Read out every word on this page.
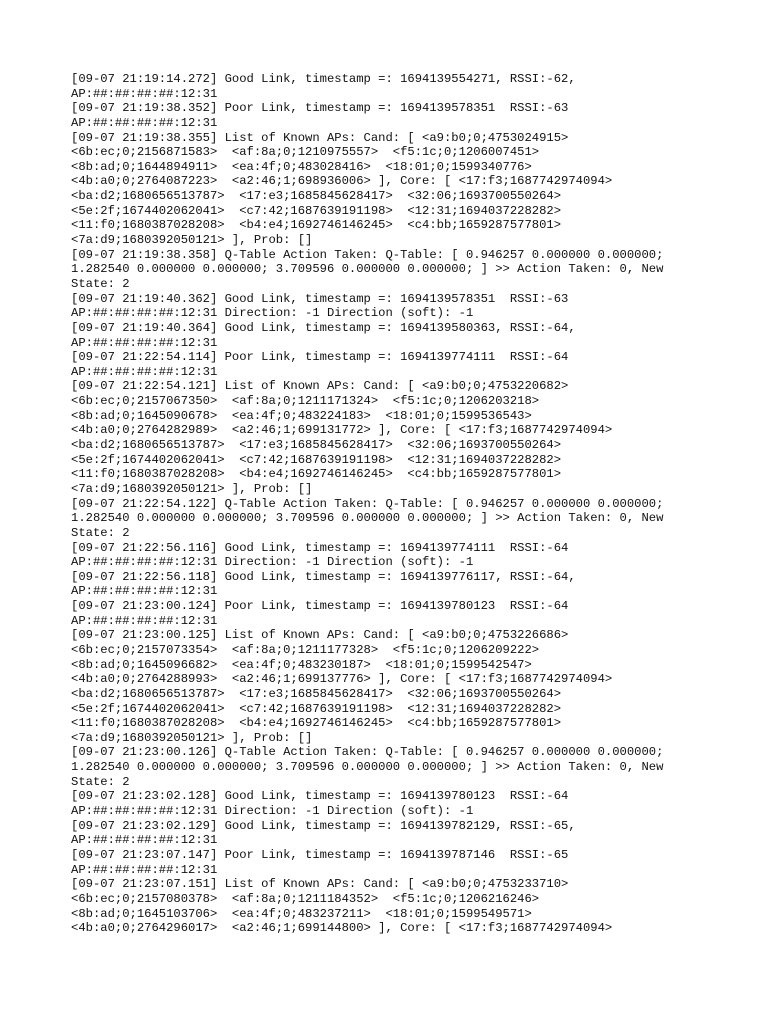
[09-07 21:19:14.272] Good Link, timestamp =: 1694139554271, RSSI:-62,
AP:##:##:##:##:12:31
[09-07 21:19:38.352] Poor Link, timestamp =: 1694139578351  RSSI:-63
AP:##:##:##:##:12:31
[09-07 21:19:38.355] List of Known APs: Cand: [ <a9:b0;0;4753024915>
<6b:ec;0;2156871583>  <af:8a;0;1210975557>  <f5:1c;0;1206007451>
<8b:ad;0;1644894911>  <ea:4f;0;483028416>  <18:01;0;1599340776>
<4b:a0;0;2764087223>  <a2:46;1;698936006> ], Core: [ <17:f3;1687742974094>
<ba:d2;1680656513787>  <17:e3;1685845628417>  <32:06;1693700550264>
<5e:2f;1674402062041>  <c7:42;1687639191198>  <12:31;1694037228282>
<11:f0;1680387028208>  <b4:e4;1692746146245>  <c4:bb;1659287577801>
<7a:d9;1680392050121> ], Prob: []
[09-07 21:19:38.358] Q-Table Action Taken: Q-Table: [ 0.946257 0.000000 0.000000;
1.282540 0.000000 0.000000; 3.709596 0.000000 0.000000; ] >> Action Taken: 0, New
State: 2
[09-07 21:19:40.362] Good Link, timestamp =: 1694139578351  RSSI:-63
AP:##:##:##:##:12:31 Direction: -1 Direction (soft): -1
[09-07 21:19:40.364] Good Link, timestamp =: 1694139580363, RSSI:-64,
AP:##:##:##:##:12:31
[09-07 21:22:54.114] Poor Link, timestamp =: 1694139774111  RSSI:-64
AP:##:##:##:##:12:31
[09-07 21:22:54.121] List of Known APs: Cand: [ <a9:b0;0;4753220682>
<6b:ec;0;2157067350>  <af:8a;0;1211171324>  <f5:1c;0;1206203218>
<8b:ad;0;1645090678>  <ea:4f;0;483224183>  <18:01;0;1599536543>
<4b:a0;0;2764282989>  <a2:46;1;699131772> ], Core: [ <17:f3;1687742974094>
<ba:d2;1680656513787>  <17:e3;1685845628417>  <32:06;1693700550264>
<5e:2f;1674402062041>  <c7:42;1687639191198>  <12:31;1694037228282>
<11:f0;1680387028208>  <b4:e4;1692746146245>  <c4:bb;1659287577801>
<7a:d9;1680392050121> ], Prob: []
[09-07 21:22:54.122] Q-Table Action Taken: Q-Table: [ 0.946257 0.000000 0.000000;
1.282540 0.000000 0.000000; 3.709596 0.000000 0.000000; ] >> Action Taken: 0, New
State: 2
[09-07 21:22:56.116] Good Link, timestamp =: 1694139774111  RSSI:-64
AP:##:##:##:##:12:31 Direction: -1 Direction (soft): -1
[09-07 21:22:56.118] Good Link, timestamp =: 1694139776117, RSSI:-64,
AP:##:##:##:##:12:31
[09-07 21:23:00.124] Poor Link, timestamp =: 1694139780123  RSSI:-64
AP:##:##:##:##:12:31
[09-07 21:23:00.125] List of Known APs: Cand: [ <a9:b0;0;4753226686>
<6b:ec;0;2157073354>  <af:8a;0;1211177328>  <f5:1c;0;1206209222>
<8b:ad;0;1645096682>  <ea:4f;0;483230187>  <18:01;0;1599542547>
<4b:a0;0;2764288993>  <a2:46;1;699137776> ], Core: [ <17:f3;1687742974094>
<ba:d2;1680656513787>  <17:e3;1685845628417>  <32:06;1693700550264>
<5e:2f;1674402062041>  <c7:42;1687639191198>  <12:31;1694037228282>
<11:f0;1680387028208>  <b4:e4;1692746146245>  <c4:bb;1659287577801>
<7a:d9;1680392050121> ], Prob: []
[09-07 21:23:00.126] Q-Table Action Taken: Q-Table: [ 0.946257 0.000000 0.000000;
1.282540 0.000000 0.000000; 3.709596 0.000000 0.000000; ] >> Action Taken: 0, New
State: 2
[09-07 21:23:02.128] Good Link, timestamp =: 1694139780123  RSSI:-64
AP:##:##:##:##:12:31 Direction: -1 Direction (soft): -1
[09-07 21:23:02.129] Good Link, timestamp =: 1694139782129, RSSI:-65,
AP:##:##:##:##:12:31
[09-07 21:23:07.147] Poor Link, timestamp =: 1694139787146  RSSI:-65
AP:##:##:##:##:12:31
[09-07 21:23:07.151] List of Known APs: Cand: [ <a9:b0;0;4753233710>
<6b:ec;0;2157080378>  <af:8a;0;1211184352>  <f5:1c;0;1206216246>
<8b:ad;0;1645103706>  <ea:4f;0;483237211>  <18:01;0;1599549571>
<4b:a0;0;2764296017>  <a2:46;1;699144800> ], Core: [ <17:f3;1687742974094>
